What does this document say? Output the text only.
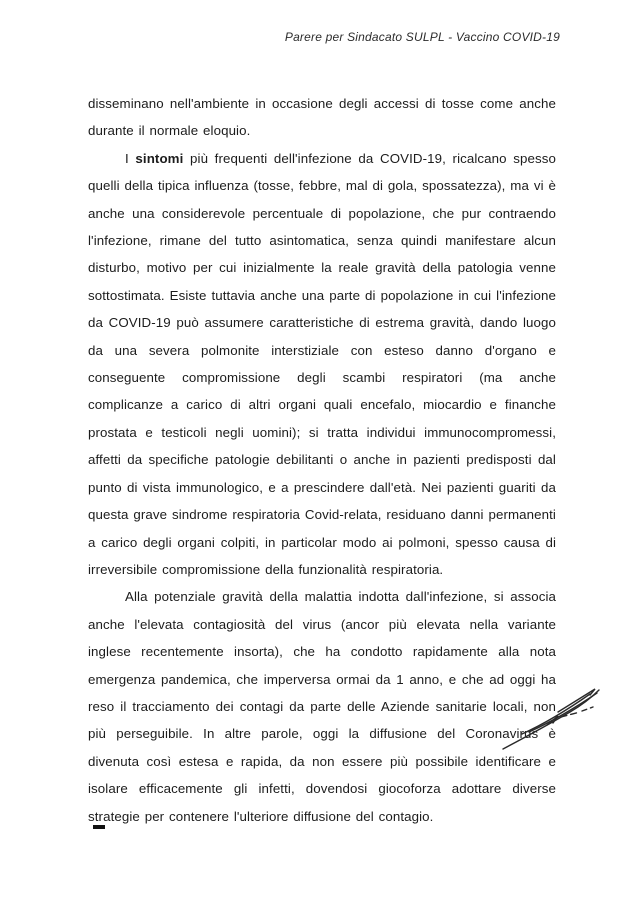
Parere per Sindacato SULPL - Vaccino COVID-19

disseminano nell'ambiente in occasione degli accessi di tosse come anche durante il normale eloquio.

I sintomi più frequenti dell'infezione da COVID-19, ricalcano spesso quelli della tipica influenza (tosse, febbre, mal di gola, spossatezza), ma vi è anche una considerevole percentuale di popolazione, che pur contraendo l'infezione, rimane del tutto asintomatica, senza quindi manifestare alcun disturbo, motivo per cui inizialmente la reale gravità della patologia venne sottostimata. Esiste tuttavia anche una parte di popolazione in cui l'infezione da COVID-19 può assumere caratteristiche di estrema gravità, dando luogo da una severa polmonite interstiziale con esteso danno d'organo e conseguente compromissione degli scambi respiratori (ma anche complicanze a carico di altri organi quali encefalo, miocardio e finanche prostata e testicoli negli uomini); si tratta individui immunocompromessi, affetti da specifiche patologie debilitanti o anche in pazienti predisposti dal punto di vista immunologico, e a prescindere dall'età. Nei pazienti guariti da questa grave sindrome respiratoria Covid-relata, residuano danni permanenti a carico degli organi colpiti, in particolar modo ai polmoni, spesso causa di irreversibile compromissione della funzionalità respiratoria.

Alla potenziale gravità della malattia indotta dall'infezione, si associa anche l'elevata contagiosità del virus (ancor più elevata nella variante inglese recentemente insorta), che ha condotto rapidamente alla nota emergenza pandemica, che imperversa ormai da 1 anno, e che ad oggi ha reso il tracciamento dei contagi da parte delle Aziende sanitarie locali, non più perseguibile. In altre parole, oggi la diffusione del Coronavirus è divenuta così estesa e rapida, da non essere più possibile identificare e isolare efficacemente gli infetti, dovendosi giocoforza adottare diverse strategie per contenere l'ulteriore diffusione del contagio.
